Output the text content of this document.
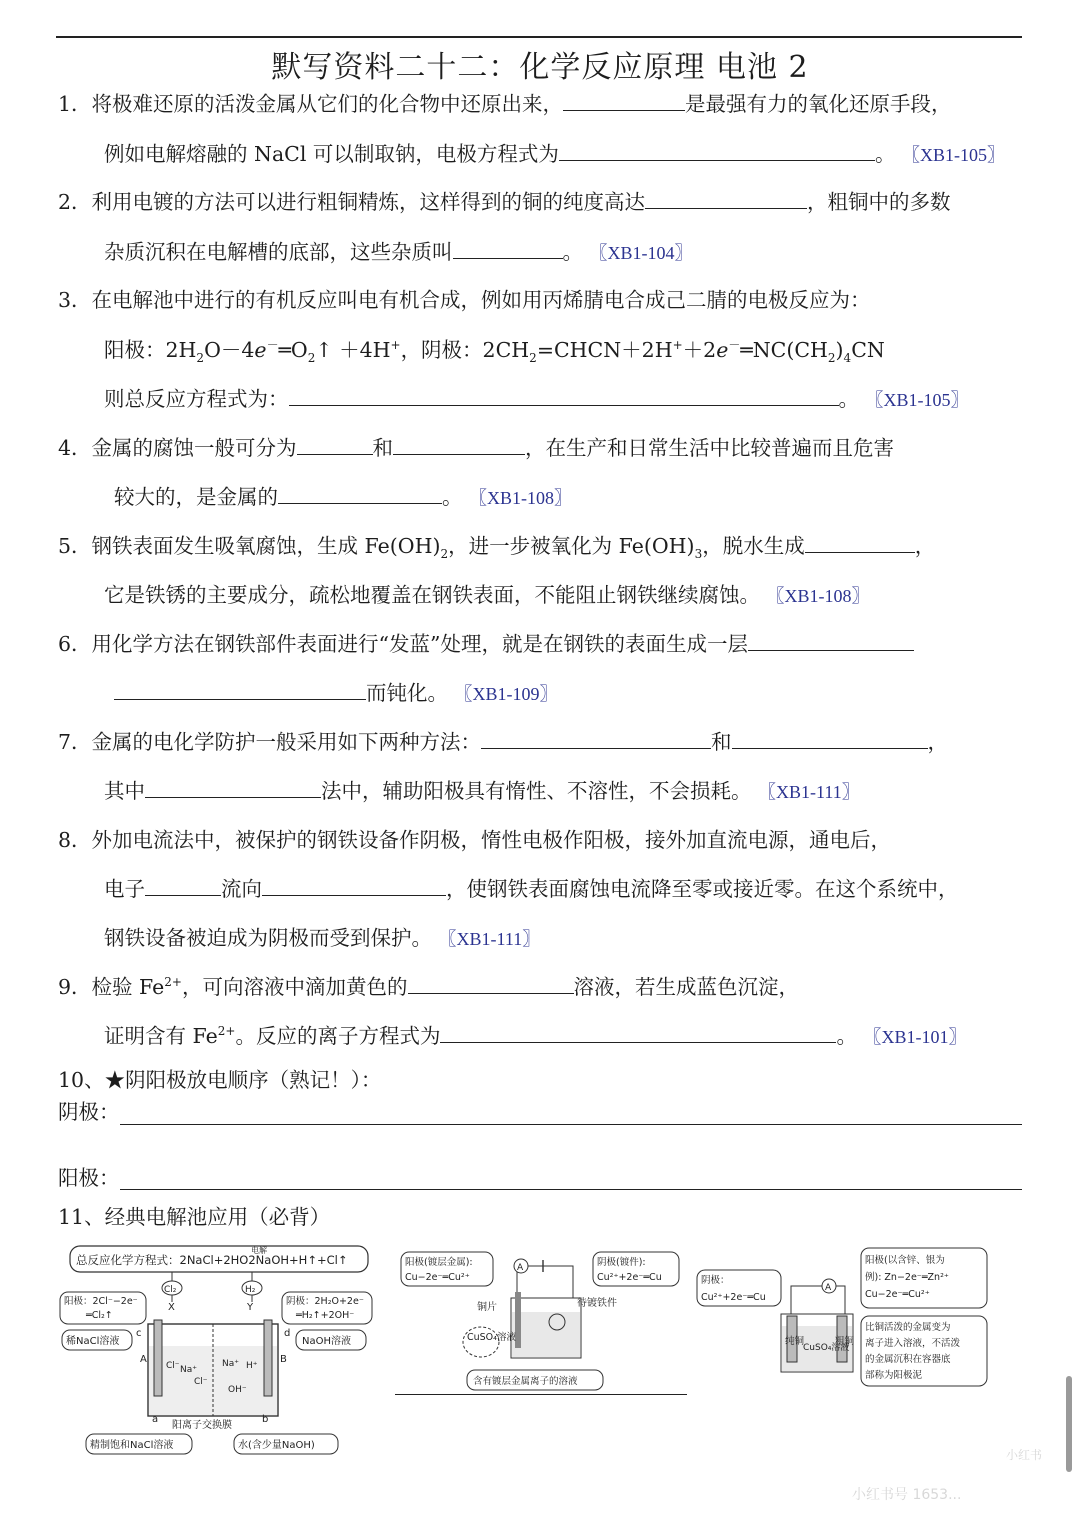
默写资料二十二：化学反应原理 电池 2
1．将极难还原的活泼金属从它们的化合物中还原出来，	是最强有力的氧化还原手段，
例如电解熔融的 NaCl 可以制取钠，电极方程式为	。 〖XB1-105〗
2．利用电镀的方法可以进行粗铜精炼，这样得到的铜的纯度高达	，粗铜中的多数
杂质沉积在电解槽的底部，这些杂质叫	。 〖XB1-104〗
3．在电解池中进行的有机反应叫电有机合成，例如用丙烯腈电合成己二腈的电极反应为：
阳极：$2H_2O-4e^-═O_2↑ +4H^+$，阴极：$2CH_2=CHCN+2H^++2e^-═NC(CH_2)_4CN$
则总反应方程式为：	。 〖XB1-105〗
4．金属的腐蚀一般可分为	和	，在生产和日常生活中比较普遍而且危害
较大的，是金属的	。 〖XB1-108〗
5．钢铁表面发生吸氧腐蚀，生成 $Fe(OH)_2$，进一步被氧化为 $Fe(OH)_3$，脱水生成	，
它是铁锈的主要成分，疏松地覆盖在钢铁表面，不能阻止钢铁继续腐蚀。 〖XB1-108〗
6．用化学方法在钢铁部件表面进行“发蓝”处理，就是在钢铁的表面生成一层
而钝化。 〖XB1-109〗
7．金属的电化学防护一般采用如下两种方法：	和	，
其中	法中，辅助阳极具有惰性、不溶性，不会损耗。 〖XB1-111〗
8．外加电流法中，被保护的钢铁设备作阴极，惰性电极作阳极，接外加直流电源，通电后，
电子	流向	，使钢铁表面腐蚀电流降至零或接近零。在这个系统中，
钢铁设备被迫成为阴极而受到保护。 〖XB1-111〗
9．检验 $Fe^{2+}$，可向溶液中滴加黄色的	溶液，若生成蓝色沉淀，
证明含有 $Fe^{2+}$。反应的离子方程式为	。 〖XB1-101〗
10、★阴阳极放电顺序（熟记！）：
阴极：
阳极：
11、经典电解池应用（必背）
总反应化学方程式：2NaCl+2HO2NaOH+H↑+Cl↑
电解
Cl₂	H₂
X	Y
阳极：2Cl⁻−2e⁻
═Cl₂↑
阴极：2H₂O+2e⁻
═H₂↑+2OH⁻
稀NaCl溶液	NaOH溶液
A	B
c	d
Cl⁻ Na⁺
Na⁺ H⁺
Cl⁻
OH⁻
a	b
阳离子交换膜
精制饱和NaCl溶液	水(含少量NaOH)
阳极(镀层金属):
Cu−2e⁻═Cu²⁺
阴极(镀件):
Cu²⁺+2e⁻═Cu
A
铜片	待镀铁件
CuSO₄溶液
含有镀层金属离子的溶液
阴极：
Cu²⁺+2e⁻═Cu
A
纯铜	粗铜
CuSO₄溶液
阳极(以含锌、银为
例): Zn−2e⁻═Zn²⁺
Cu−2e⁻═Cu²⁺
比铜活泼的金属变为
离子进入溶液，不活泼
的金属沉积在容器底
部称为阳极泥
小红书
小红书号 1653...
